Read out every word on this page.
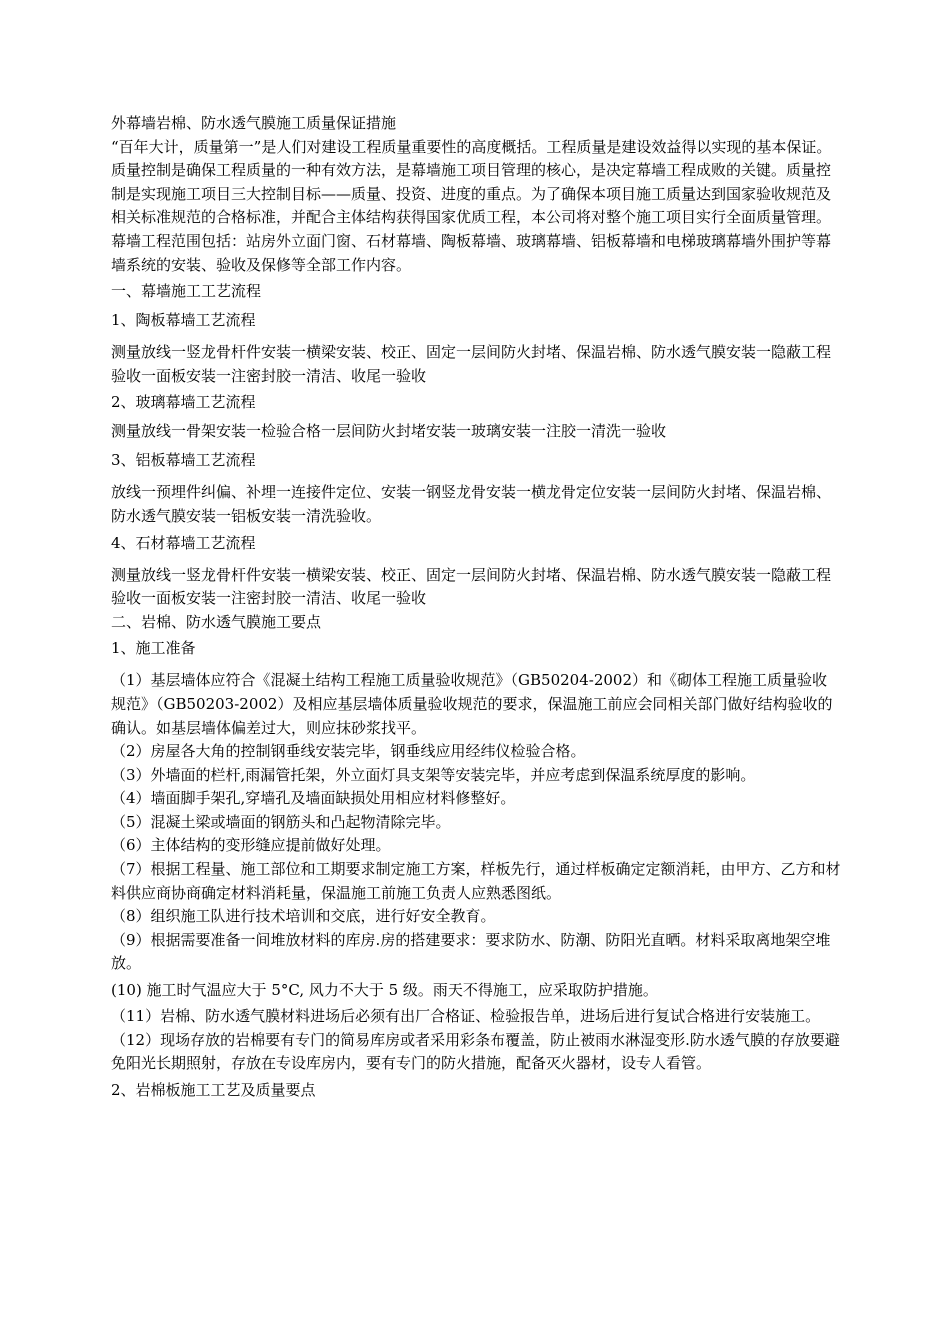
外幕墙岩棉、防水透气膜施工质量保证措施

“百年大计，质量第一”是人们对建设工程质量重要性的高度概括。工程质量是建设效益得以实现的基本保证。质量控制是确保工程质量的一种有效方法，是幕墙施工项目管理的核心，是决定幕墙工程成败的关键。质量控制是实现施工项目三大控制目标——质量、投资、进度的重点。为了确保本项目施工质量达到国家验收规范及相关标准规范的合格标准，并配合主体结构获得国家优质工程，本公司将对整个施工项目实行全面质量管理。

幕墙工程范围包括：站房外立面门窗、石材幕墙、陶板幕墙、玻璃幕墙、铝板幕墙和电梯玻璃幕墙外围护等幕墙系统的安装、验收及保修等全部工作内容。

一、幕墙施工工艺流程

1、陶板幕墙工艺流程

测量放线一竖龙骨杆件安装一横梁安装、校正、固定一层间防火封堵、保温岩棉、防水透气膜安装一隐蔽工程验收一面板安装一注密封胶一清洁、收尾一验收

2、玻璃幕墙工艺流程

测量放线一骨架安装一检验合格一层间防火封堵安装一玻璃安装一注胶一清洗一验收

3、铝板幕墙工艺流程

放线一预埋件纠偏、补埋一连接件定位、安装一钢竖龙骨安装一横龙骨定位安装一层间防火封堵、保温岩棉、防水透气膜安装一铝板安装一清洗验收。

4、石材幕墙工艺流程

测量放线一竖龙骨杆件安装一横梁安装、校正、固定一层间防火封堵、保温岩棉、防水透气膜安装一隐蔽工程验收一面板安装一注密封胶一清洁、收尾一验收

二、岩棉、防水透气膜施工要点

1、施工准备

（1）基层墙体应符合《混凝土结构工程施工质量验收规范》（GB50204-2002）和《砌体工程施工质量验收规范》（GB50203-2002）及相应基层墙体质量验收规范的要求，保温施工前应会同相关部门做好结构验收的确认。如基层墙体偏差过大，则应抹砂浆找平。

（2）房屋各大角的控制钢垂线安装完毕，钢垂线应用经纬仪检验合格。

（3）外墙面的栏杆,雨漏管托架，外立面灯具支架等安装完毕，并应考虑到保温系统厚度的影响。

（4）墙面脚手架孔,穿墙孔及墙面缺损处用相应材料修整好。

（5）混凝土梁或墙面的钢筋头和凸起物清除完毕。

（6）主体结构的变形缝应提前做好处理。

（7）根据工程量、施工部位和工期要求制定施工方案，样板先行，通过样板确定定额消耗，由甲方、乙方和材料供应商协商确定材料消耗量，保温施工前施工负责人应熟悉图纸。

（8）组织施工队进行技术培训和交底，进行好安全教育。

（9）根据需要准备一间堆放材料的库房.房的搭建要求：要求防水、防潮、防阳光直晒。材料采取离地架空堆放。

(10) 施工时气温应大于 5°C, 风力不大于 5 级。雨天不得施工，应采取防护措施。

（11）岩棉、防水透气膜材料进场后必须有出厂合格证、检验报告单，进场后进行复试合格进行安装施工。

（12）现场存放的岩棉要有专门的简易库房或者采用彩条布覆盖，防止被雨水淋湿变形.防水透气膜的存放要避免阳光长期照射，存放在专设库房内，要有专门的防火措施，配备灭火器材，设专人看管。

2、岩棉板施工工艺及质量要点
